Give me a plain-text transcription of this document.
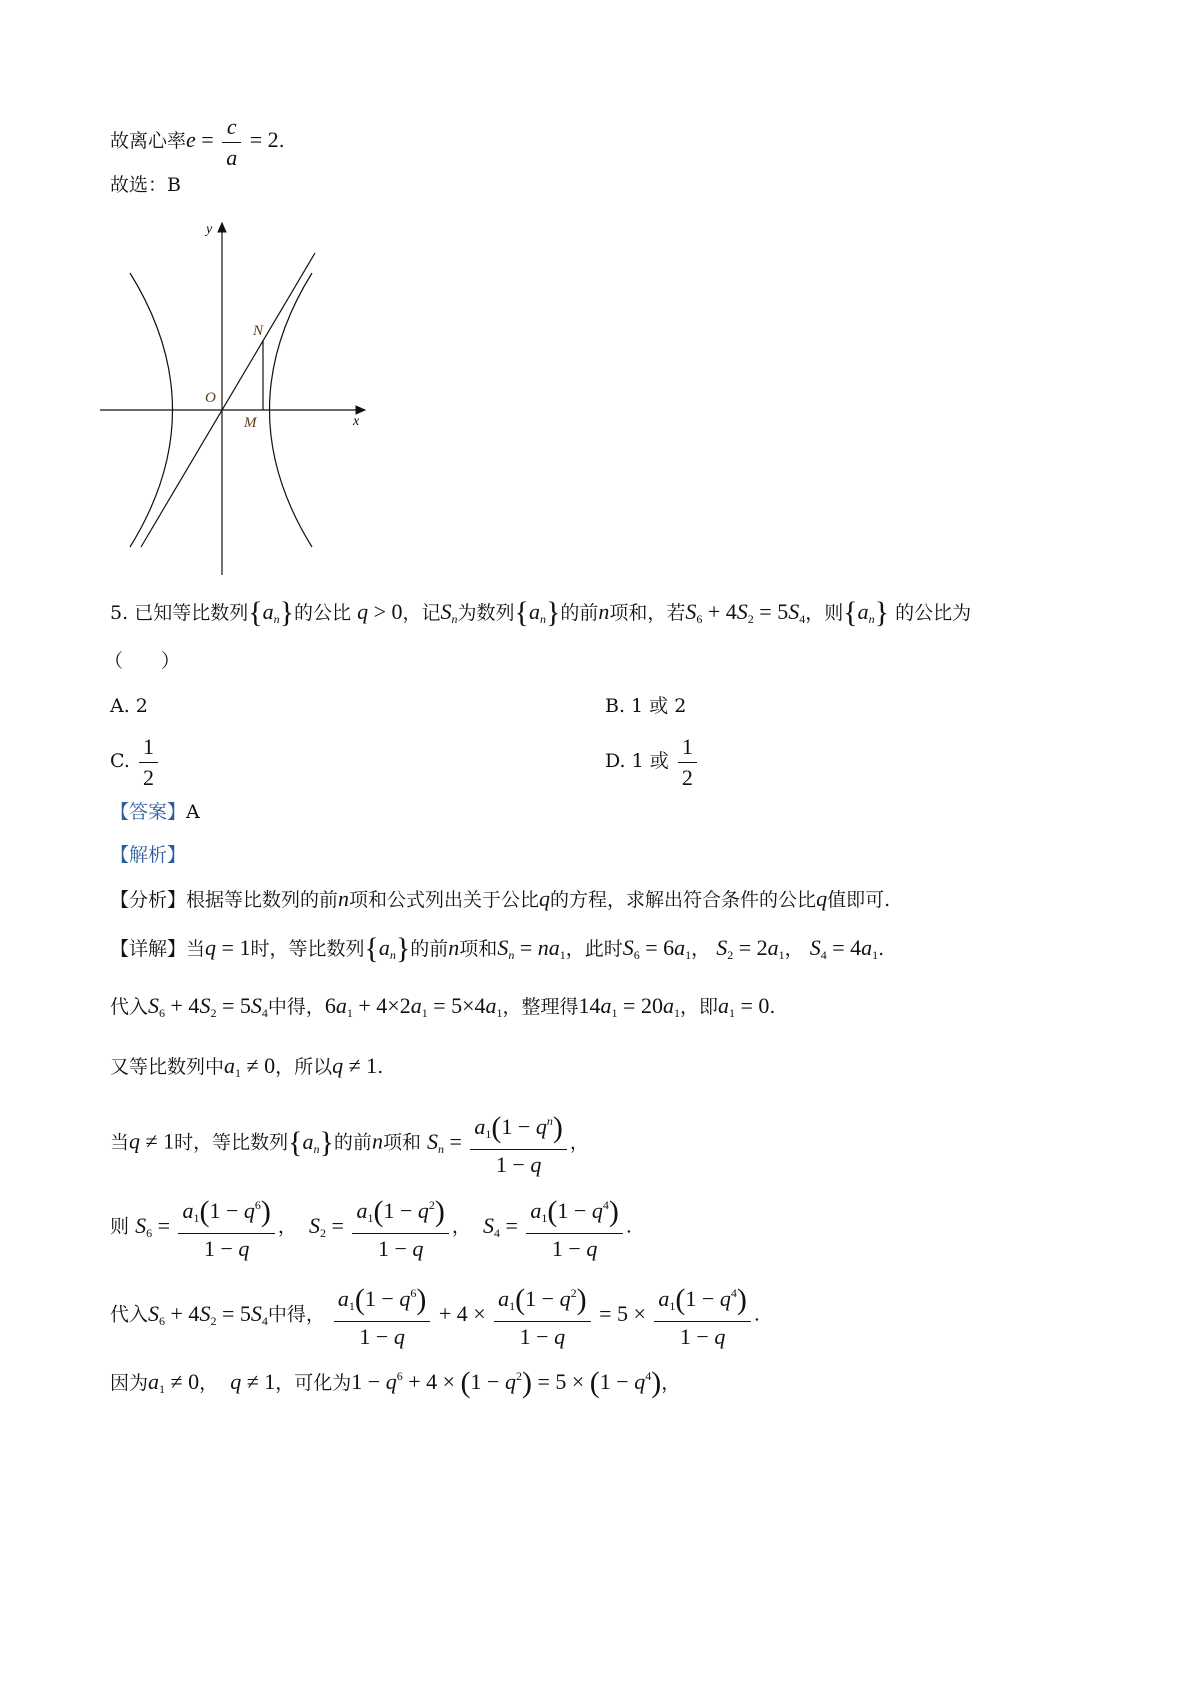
故离心率$e = \frac{c}{a} = 2$.
故选：B
y
x
O
N
M
5. 已知等比数列$\{a_n\}$的公比 q > 0，记$S_n$为数列$\{a_n\}$的前n项和，若$S_6 + 4S_2 = 5S_4$，则$\{a_n\}$ 的公比为
（　　）
A. 2	B. 1 或 2
C. $\frac{1}{2}$	D. 1 或 $\frac{1}{2}$
【答案】A
【解析】
【分析】根据等比数列的前n项和公式列出关于公比q的方程，求解出符合条件的公比q值即可.
【详解】当q = 1时，等比数列$\{a_n\}$的前n项和$S_n = na_1$，此时$S_6 = 6a_1$， $S_2 = 2a_1$， $S_4 = 4a_1$.
代入$S_6 + 4S_2 = 5S_4$中得，$6a_1 + 4\times 2a_1 = 5\times 4a_1$，整理得$14a_1 = 20a_1$，即$a_1 = 0$.
又等比数列中$a_1 \ne 0$，所以q ≠ 1.
当q ≠ 1时，等比数列$\{a_n\}$的前n项和 $S_n = \frac{a_1(1 - q^n)}{1 - q}$ ，
则 $S_6 = \frac{a_1(1 - q^6)}{1 - q}$ ， $S_2 = \frac{a_1(1 - q^2)}{1 - q}$ ， $S_4 = \frac{a_1(1 - q^4)}{1 - q}$ .
代入$S_6 + 4S_2 = 5S_4$中得， $\frac{a_1(1 - q^6)}{1 - q} + 4 \times \frac{a_1(1 - q^2)}{1 - q} = 5 \times \frac{a_1(1 - q^4)}{1 - q}$ .
因为$a_1 \ne 0$， q ≠ 1，可化为$1 - q^6 + 4 \times (1 - q^2) = 5 \times (1 - q^4)$，
